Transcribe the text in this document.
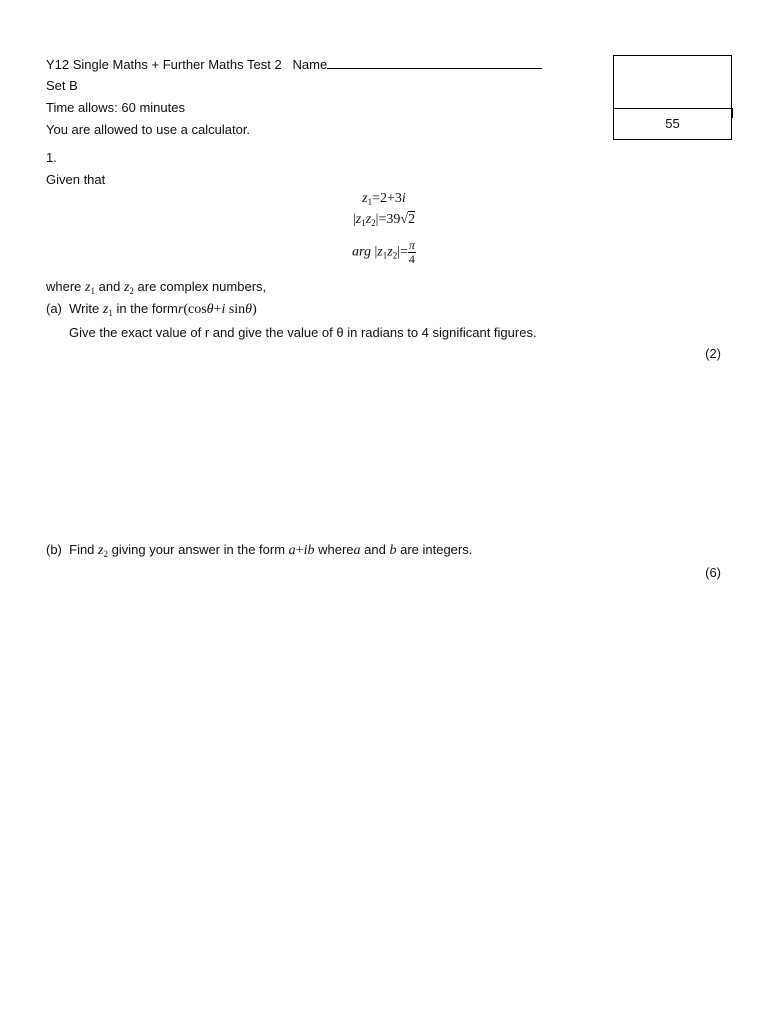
Y12 Single Maths + Further Maths Test 2 Name
Set B
Time allows: 60 minutes
You are allowed to use a calculator.	55
1.
Given that
$z_1=2+3i$
$|z_1z_2|=39√2$
arg $|z_1z_2|= \frac{\pi}{4}$
where $z_1$ and $z_2$ are complex numbers,
(a) Write $z_1$ in the formr(cosθ+i sinθ)
Give the exact value of r and give the value of θ in radians to 4 significant figures.
(2)
(b) Find $z_2$ giving your answer in the form a+ib wherea and b are integers.
(6)
